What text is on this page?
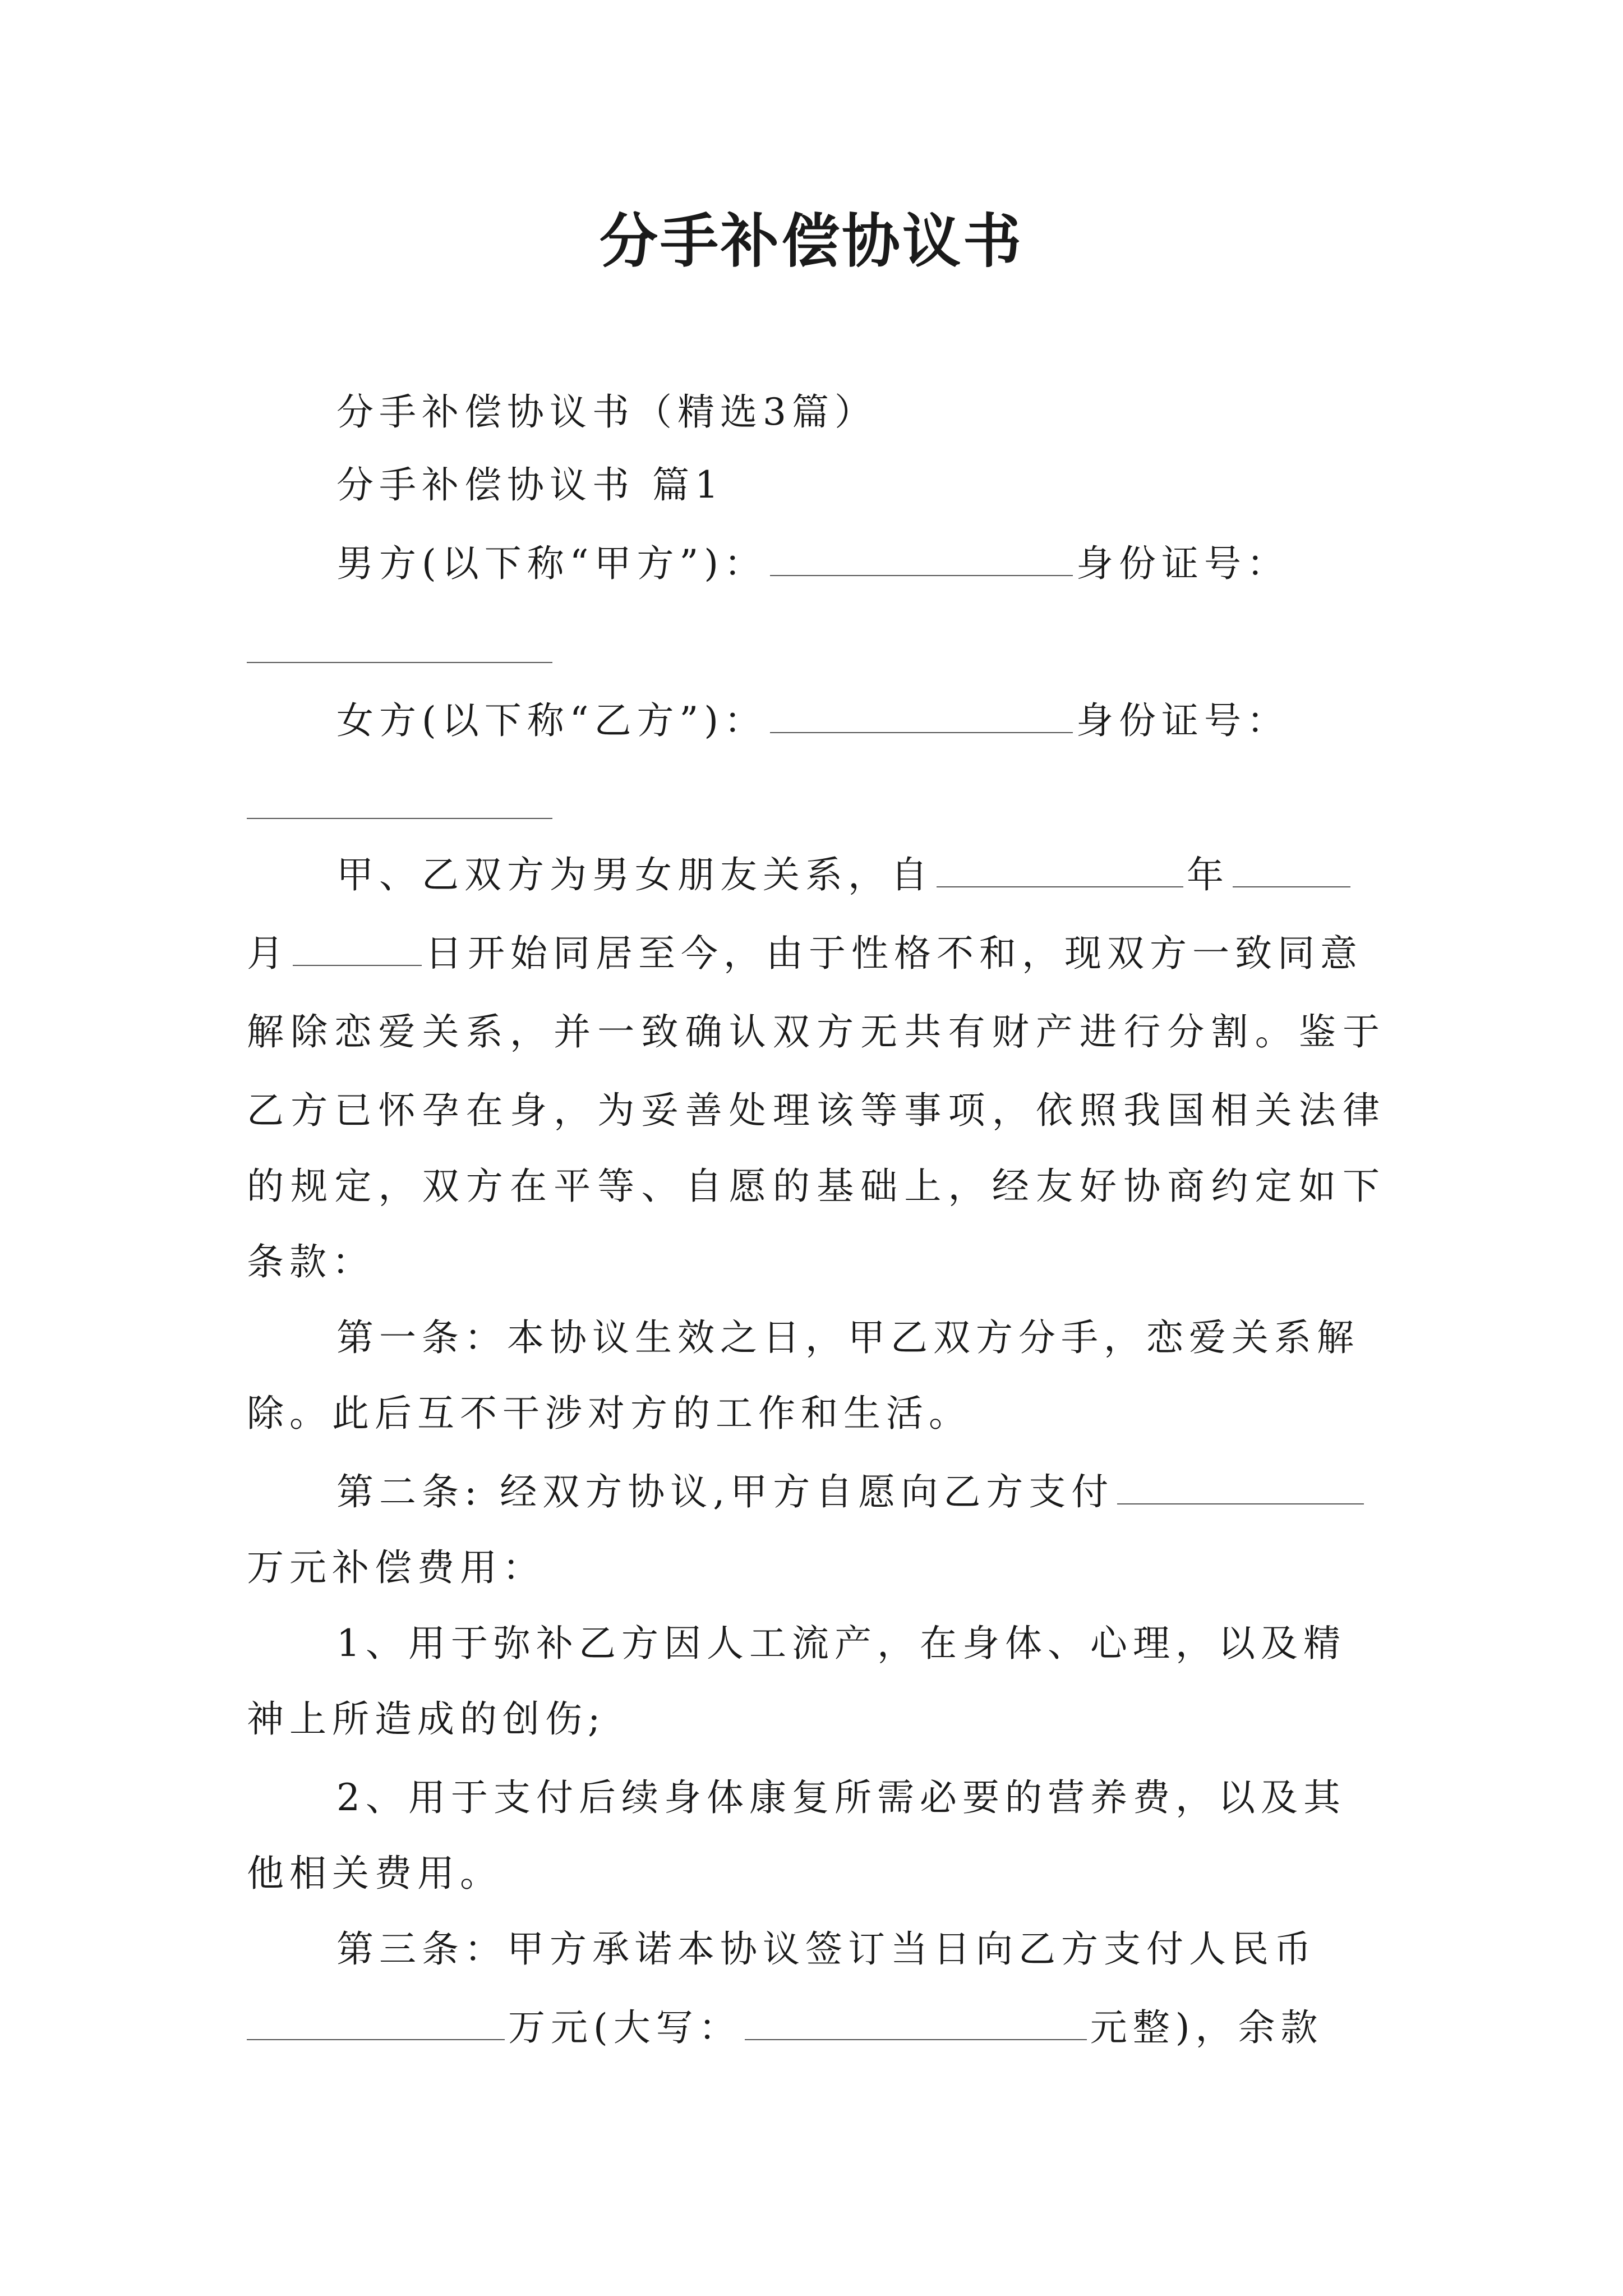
分手补偿协议书
分手补偿协议书（精选3篇）
分手补偿协议书 篇1
男方(以下称“甲方”)：	身份证号：
女方(以下称“乙方”)：	身份证号：
甲、乙双方为男女朋友关系，自	年
月	日开始同居至今，由于性格不和，现双方一致同意
解除恋爱关系，并一致确认双方无共有财产进行分割。鉴于
乙方已怀孕在身，为妥善处理该等事项，依照我国相关法律
的规定，双方在平等、自愿的基础上，经友好协商约定如下
条款：
第一条：本协议生效之日，甲乙双方分手，恋爱关系解
除。此后互不干涉对方的工作和生活。
第二条: 经双方协议,甲方自愿向乙方支付
万元补偿费用：
1、用于弥补乙方因人工流产，在身体、心理，以及精
神上所造成的创伤;
2、用于支付后续身体康复所需必要的营养费，以及其
他相关费用。
第三条：甲方承诺本协议签订当日向乙方支付人民币
万元(大写：	元整)，余款
